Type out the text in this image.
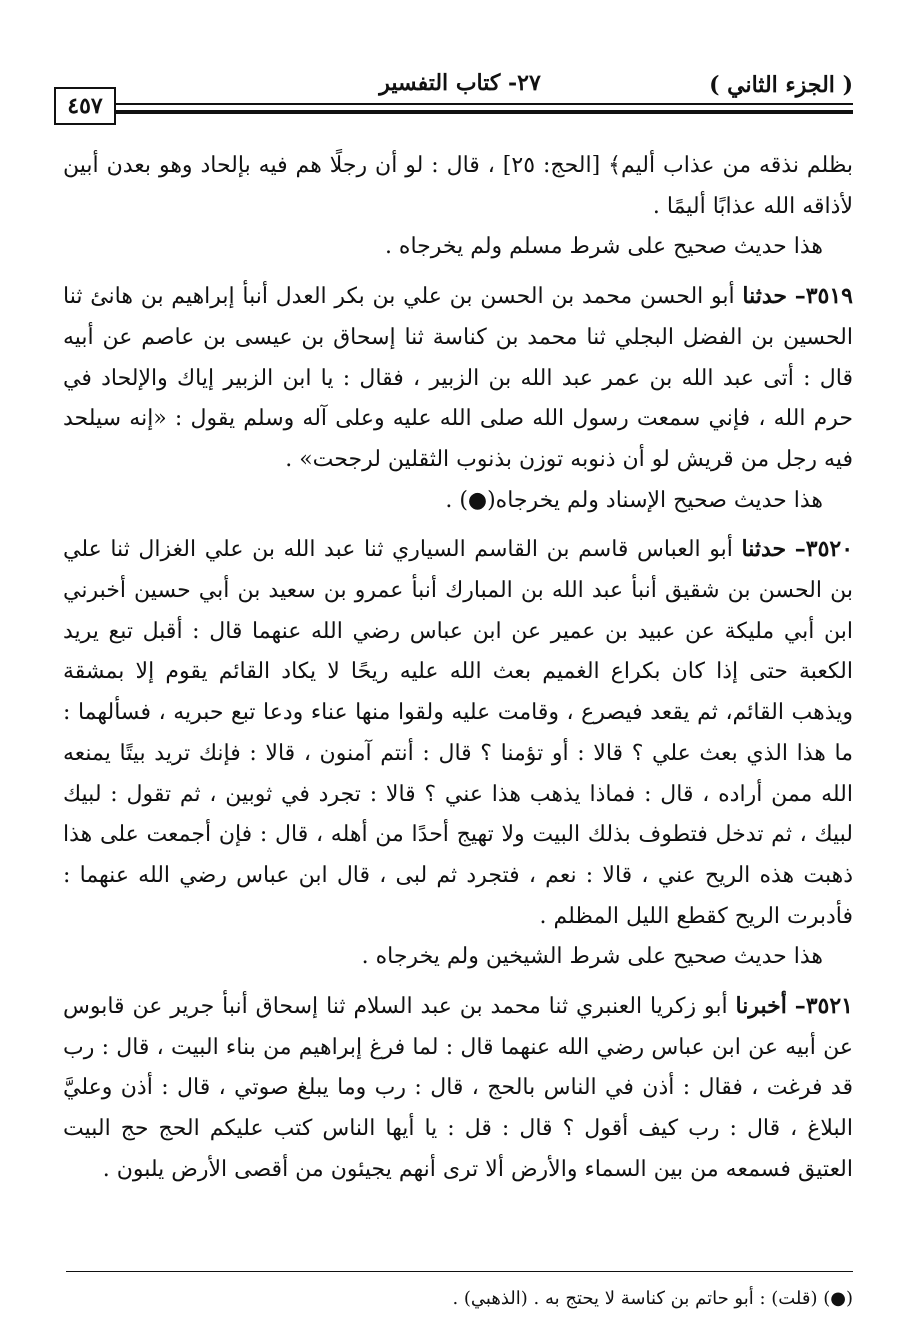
( الجزء الثاني )
٢٧- كتاب التفسير
٤٥٧

بظلم نذقه من عذاب أليم﴾ [الحج: ٢٥] ، قال : لو أن رجلًا هم فيه بإلحاد وهو بعدن أبين لأذاقه الله عذابًا أليمًا .

هذا حديث صحيح على شرط مسلم ولم يخرجاه .

٣٥١٩– حدثنا أبو الحسن محمد بن الحسن بن علي بن بكر العدل أنبأ إبراهيم بن هانئ ثنا الحسين بن الفضل البجلي ثنا محمد بن كناسة ثنا إسحاق بن عيسى بن عاصم عن أبيه قال : أتى عبد الله بن عمر عبد الله بن الزبير ، فقال : يا ابن الزبير إياك والإلحاد في حرم الله ، فإني سمعت رسول الله صلى الله عليه وعلى آله وسلم يقول : «إنه سيلحد فيه رجل من قريش لو أن ذنوبه توزن بذنوب الثقلين لرجحت» .

هذا حديث صحيح الإسناد ولم يخرجاه(●) .

٣٥٢٠– حدثنا أبو العباس قاسم بن القاسم السياري ثنا عبد الله بن علي الغزال ثنا علي بن الحسن بن شقيق أنبأ عبد الله بن المبارك أنبأ عمرو بن سعيد بن أبي حسين أخبرني ابن أبي مليكة عن عبيد بن عمير عن ابن عباس رضي الله عنهما قال : أقبل تبع يريد الكعبة حتى إذا كان بكراع الغميم بعث الله عليه ريحًا لا يكاد القائم يقوم إلا بمشقة ويذهب القائم، ثم يقعد فيصرع ، وقامت عليه ولقوا منها عناء ودعا تبع حبريه ، فسألهما : ما هذا الذي بعث علي ؟ قالا : أو تؤمنا ؟ قال : أنتم آمنون ، قالا : فإنك تريد بيتًا يمنعه الله ممن أراده ، قال : فماذا يذهب هذا عني ؟ قالا : تجرد في ثوبين ، ثم تقول : لبيك لبيك ، ثم تدخل فتطوف بذلك البيت ولا تهيج أحدًا من أهله ، قال : فإن أجمعت على هذا ذهبت هذه الريح عني ، قالا : نعم ، فتجرد ثم لبى ، قال ابن عباس رضي الله عنهما : فأدبرت الريح كقطع الليل المظلم .

هذا حديث صحيح على شرط الشيخين ولم يخرجاه .

٣٥٢١– أخبرنا أبو زكريا العنبري ثنا محمد بن عبد السلام ثنا إسحاق أنبأ جرير عن قابوس عن أبيه عن ابن عباس رضي الله عنهما قال : لما فرغ إبراهيم من بناء البيت ، قال : رب قد فرغت ، فقال : أذن في الناس بالحج ، قال : رب وما يبلغ صوتي ، قال : أذن وعليَّ البلاغ ، قال : رب كيف أقول ؟ قال : قل : يا أيها الناس كتب عليكم الحج حج البيت العتيق فسمعه من بين السماء والأرض ألا ترى أنهم يجيئون من أقصى الأرض يلبون .

(●) (قلت) : أبو حاتم بن كناسة لا يحتج به . (الذهبي) .
